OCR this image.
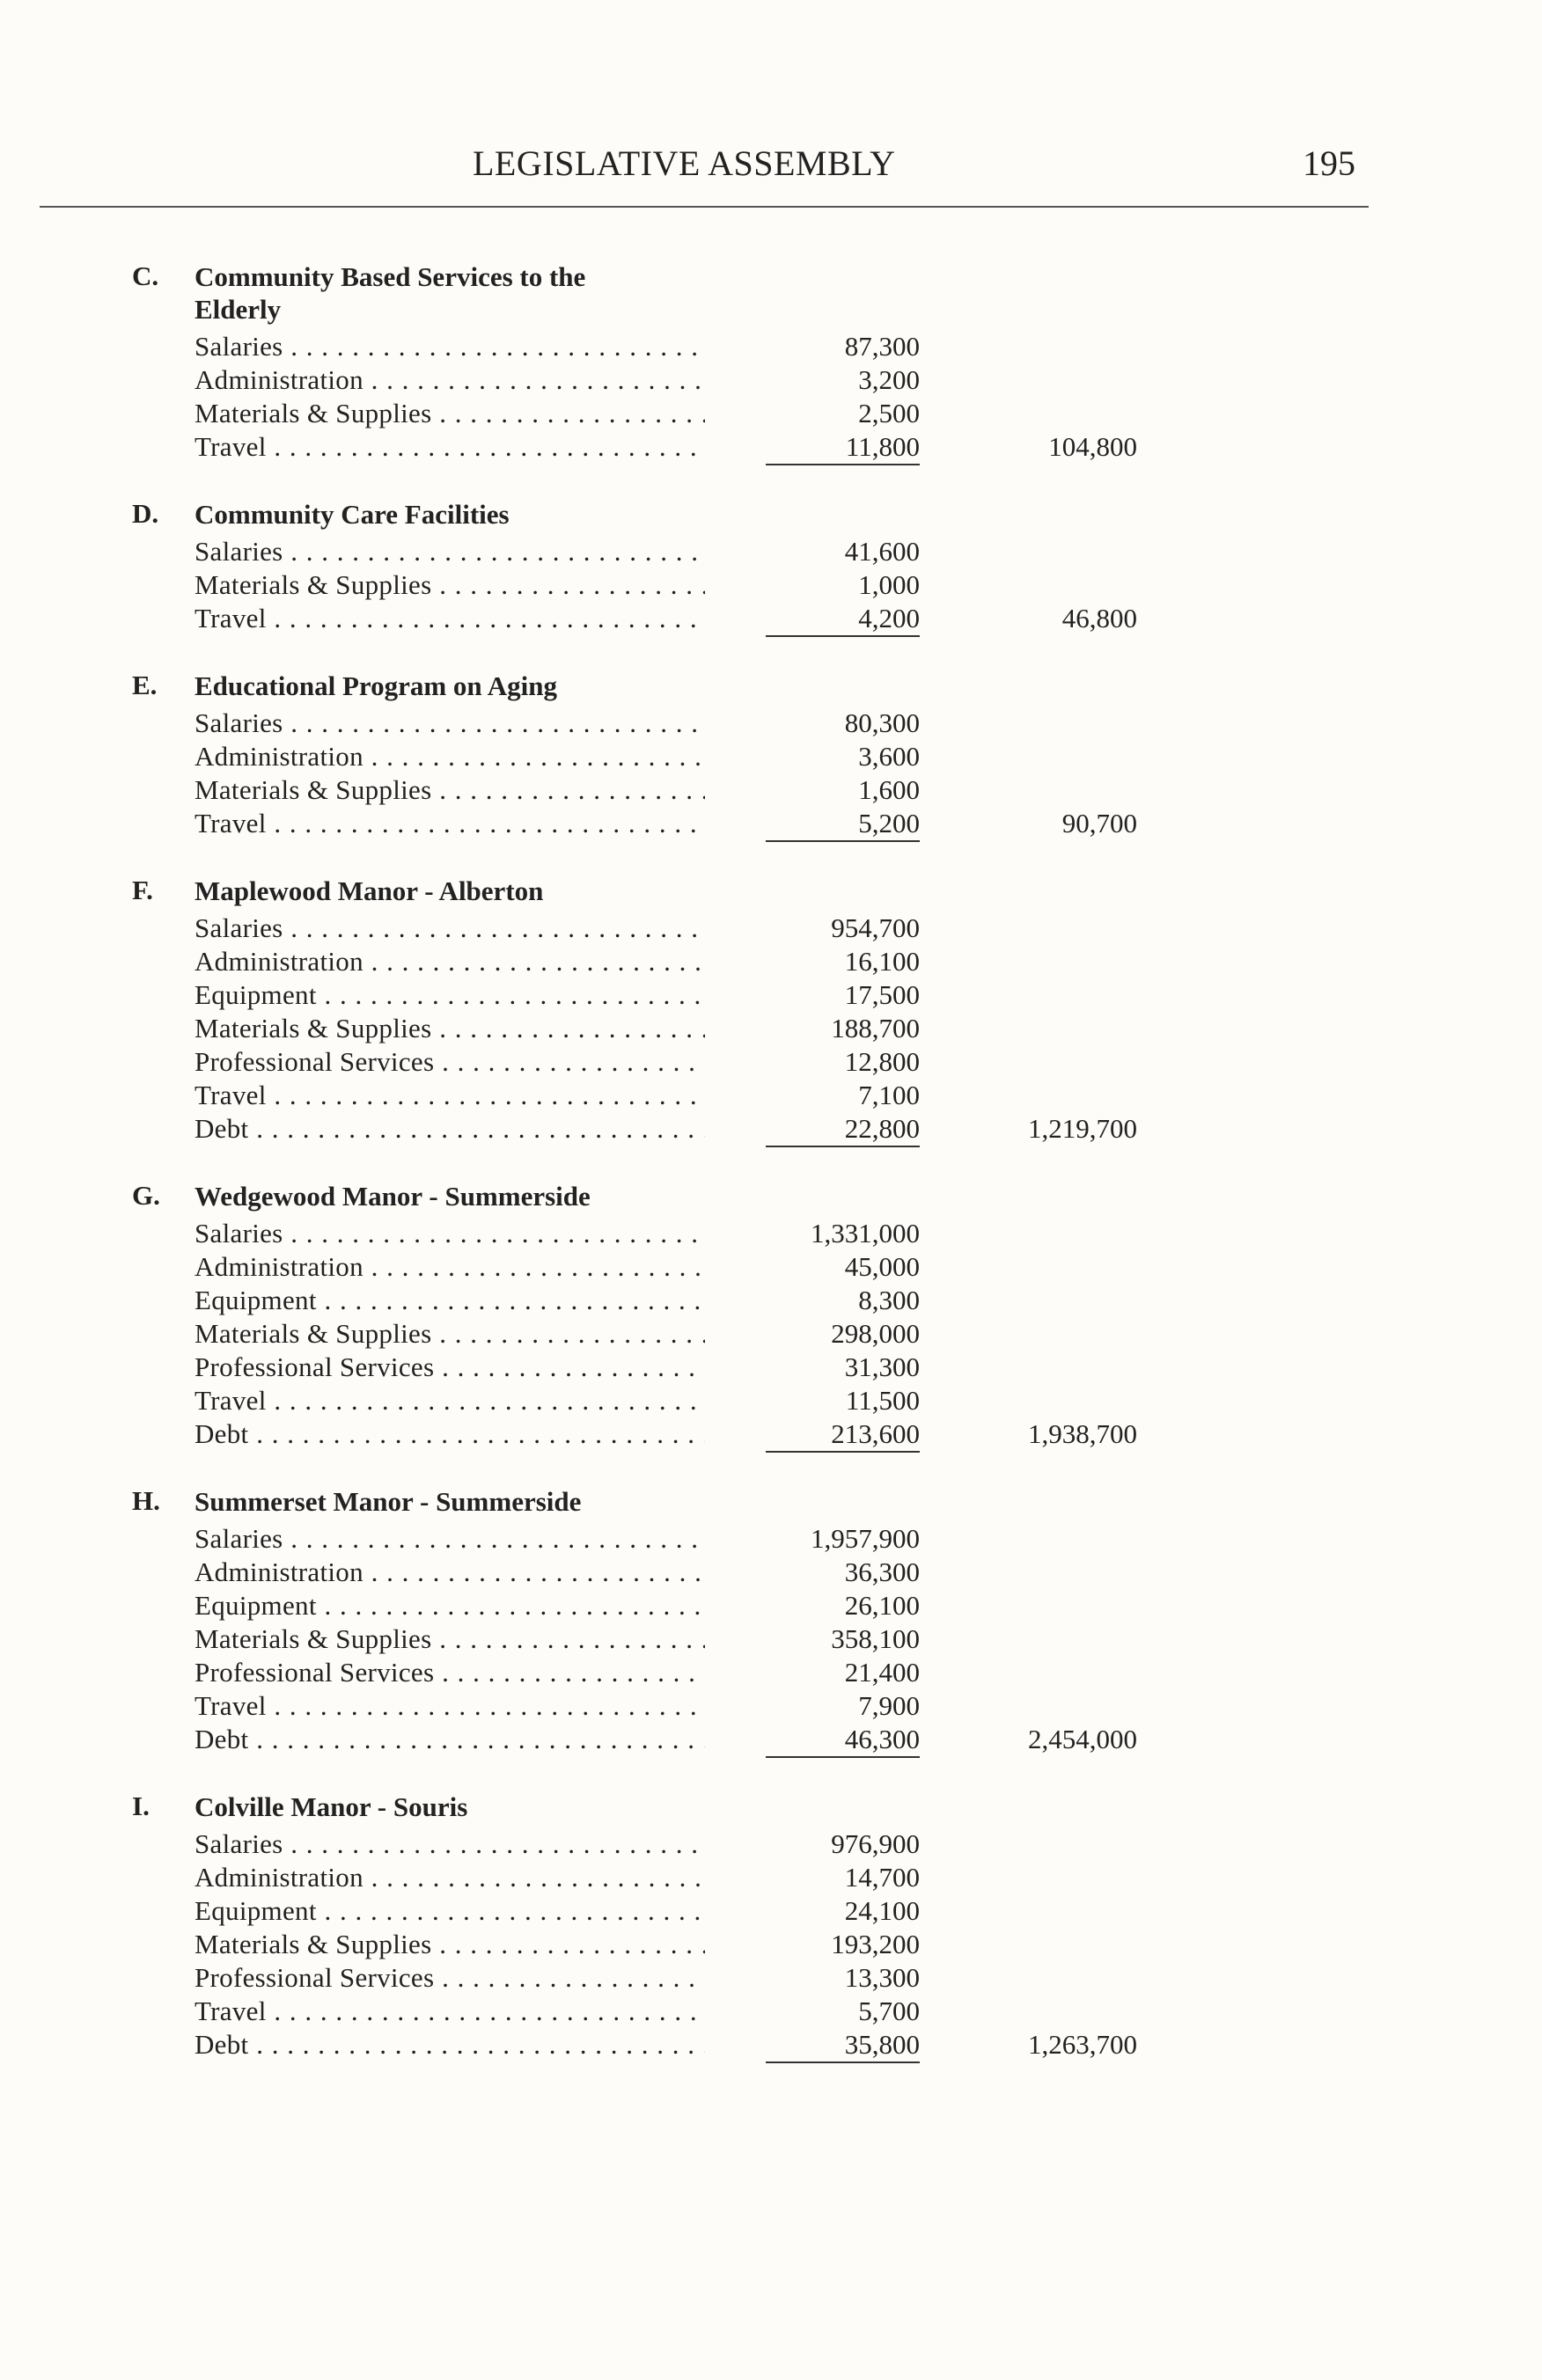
LEGISLATIVE ASSEMBLY	195
C. Community Based Services to the Elderly
Salaries . . .	87,300
Administration . . .	3,200
Materials & Supplies . . .	2,500
Travel . . .	11,800	104,800
D. Community Care Facilities
Salaries . . .	41,600
Materials & Supplies . . .	1,000
Travel . . .	4,200	46,800
E. Educational Program on Aging
Salaries . . .	80,300
Administration . . .	3,600
Materials & Supplies . . .	1,600
Travel . . .	5,200	90,700
F. Maplewood Manor - Alberton
Salaries . . .	954,700
Administration . . .	16,100
Equipment . . .	17,500
Materials & Supplies . . .	188,700
Professional Services . . .	12,800
Travel . . .	7,100
Debt . . .	22,800	1,219,700
G. Wedgewood Manor - Summerside
Salaries . . .	1,331,000
Administration . . .	45,000
Equipment . . .	8,300
Materials & Supplies . . .	298,000
Professional Services . . .	31,300
Travel . . .	11,500
Debt . . .	213,600	1,938,700
H. Summerset Manor - Summerside
Salaries . . .	1,957,900
Administration . . .	36,300
Equipment . . .	26,100
Materials & Supplies . . .	358,100
Professional Services . . .	21,400
Travel . . .	7,900
Debt . . .	46,300	2,454,000
I. Colville Manor - Souris
Salaries . . .	976,900
Administration . . .	14,700
Equipment . . .	24,100
Materials & Supplies . . .	193,200
Professional Services . . .	13,300
Travel . . .	5,700
Debt . . .	35,800	1,263,700
